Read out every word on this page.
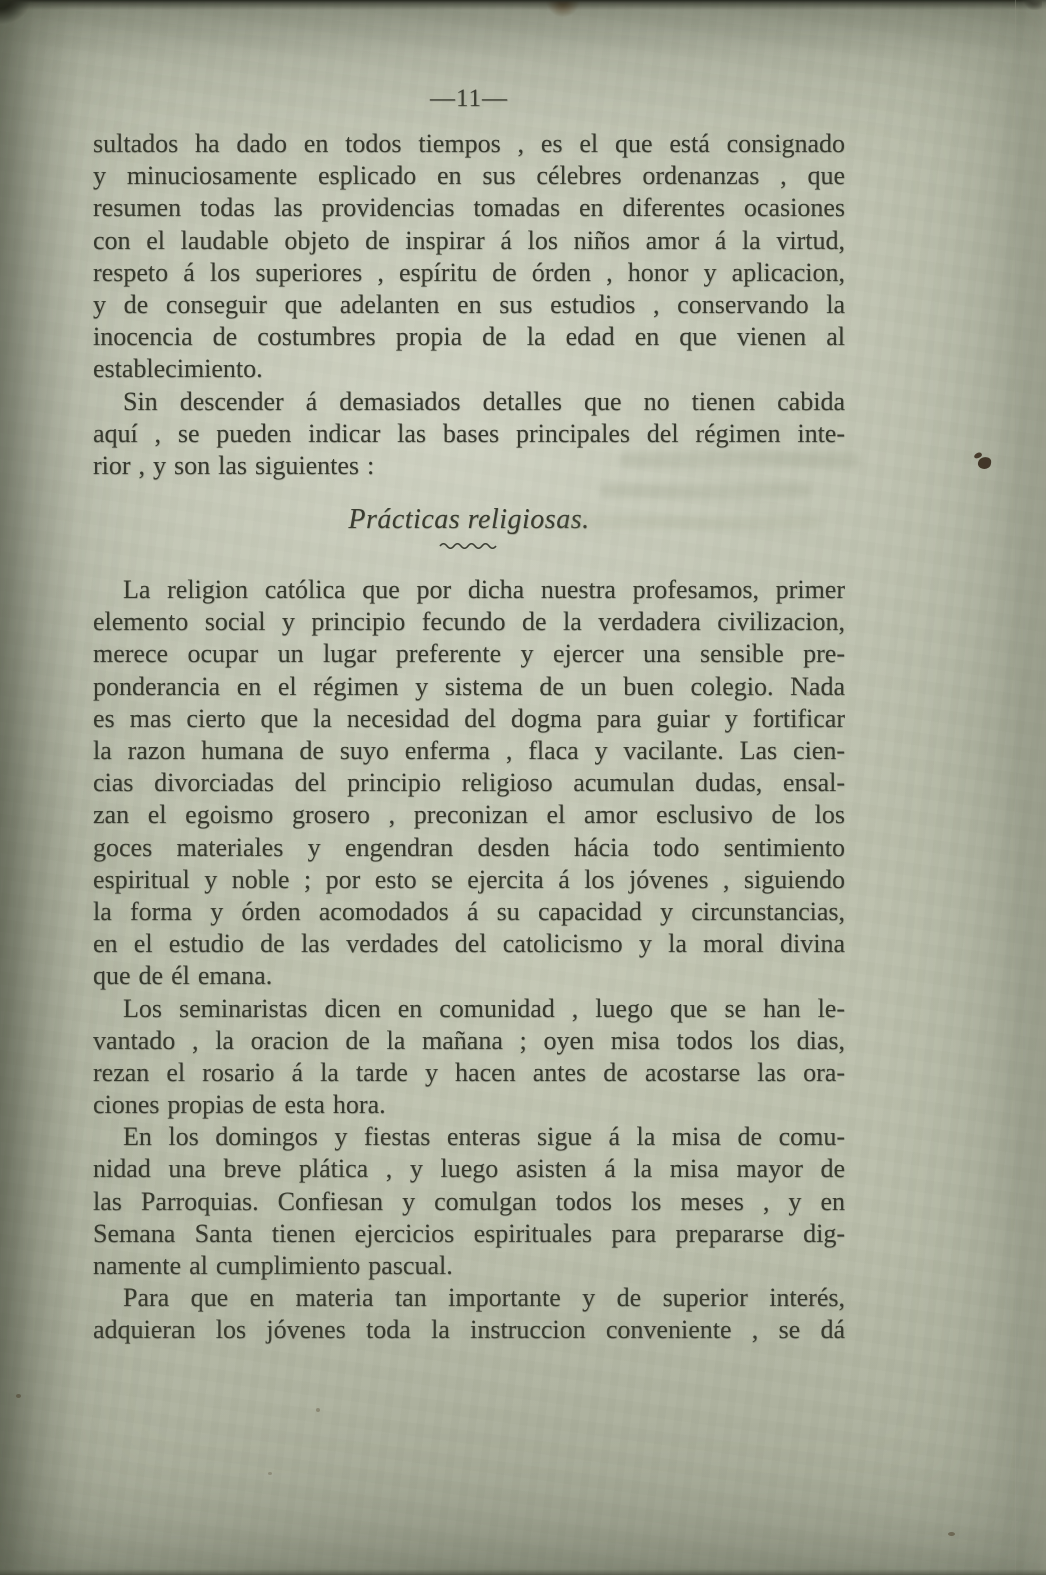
—11—
sultados ha dado en todos tiempos , es el que está consignado
y minuciosamente esplicado en sus célebres ordenanzas , que
resumen todas las providencias tomadas en diferentes ocasiones
con el laudable objeto de inspirar á los niños amor á la virtud,
respeto á los superiores , espíritu de órden , honor y aplicacion,
y de conseguir que adelanten en sus estudios , conservando la
inocencia de costumbres propia de la edad en que vienen al
establecimiento.
Sin descender á demasiados detalles que no tienen cabida
aquí , se pueden indicar las bases principales del régimen inte-
rior , y son las siguientes :
Prácticas religiosas.
La religion católica que por dicha nuestra profesamos, primer
elemento social y principio fecundo de la verdadera civilizacion,
merece ocupar un lugar preferente y ejercer una sensible pre-
ponderancia en el régimen y sistema de un buen colegio. Nada
es mas cierto que la necesidad del dogma para guiar y fortificar
la razon humana de suyo enferma , flaca y vacilante. Las cien-
cias divorciadas del principio religioso acumulan dudas, ensal-
zan el egoismo grosero , preconizan el amor esclusivo de los
goces materiales y engendran desden hácia todo sentimiento
espiritual y noble ; por esto se ejercita á los jóvenes , siguiendo
la forma y órden acomodados á su capacidad y circunstancias,
en el estudio de las verdades del catolicismo y la moral divina
que de él emana.
Los seminaristas dicen en comunidad , luego que se han le-
vantado , la oracion de la mañana ; oyen misa todos los dias,
rezan el rosario á la tarde y hacen antes de acostarse las ora-
ciones propias de esta hora.
En los domingos y fiestas enteras sigue á la misa de comu-
nidad una breve plática , y luego asisten á la misa mayor de
las Parroquias. Confiesan y comulgan todos los meses , y en
Semana Santa tienen ejercicios espirituales para prepararse dig-
namente al cumplimiento pascual.
Para que en materia tan importante y de superior interés,
adquieran los jóvenes toda la instruccion conveniente , se dá
